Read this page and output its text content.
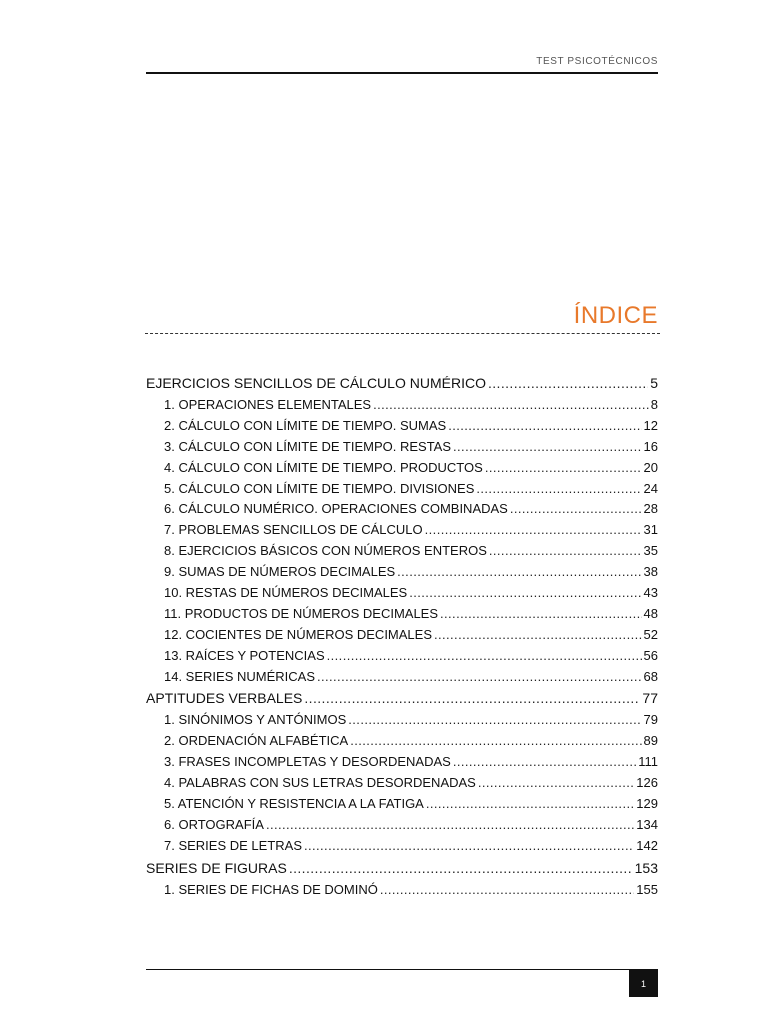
TEST PSICOTÉCNICOS
ÍNDICE
EJERCICIOS SENCILLOS DE CÁLCULO NUMÉRICO .....	5
1. OPERACIONES ELEMENTALES .....	8
2. CÁLCULO CON LÍMITE DE TIEMPO. SUMAS .....	12
3. CÁLCULO CON LÍMITE DE TIEMPO. RESTAS .....	16
4. CÁLCULO CON LÍMITE DE TIEMPO. PRODUCTOS .....	20
5. CÁLCULO CON LÍMITE DE TIEMPO. DIVISIONES .....	24
6. CÁLCULO NUMÉRICO. OPERACIONES COMBINADAS .....	28
7. PROBLEMAS SENCILLOS DE CÁLCULO .....	31
8. EJERCICIOS BÁSICOS CON NÚMEROS ENTEROS .....	35
9. SUMAS DE NÚMEROS DECIMALES .....	38
10. RESTAS DE NÚMEROS DECIMALES .....	43
11. PRODUCTOS DE NÚMEROS DECIMALES .....	48
12. COCIENTES DE NÚMEROS DECIMALES .....	52
13. RAÍCES Y POTENCIAS .....	56
14. SERIES NUMÉRICAS .....	68
APTITUDES VERBALES .....	77
1. SINÓNIMOS Y ANTÓNIMOS .....	79
2. ORDENACIÓN ALFABÉTICA .....	89
3. FRASES INCOMPLETAS Y DESORDENADAS .....	111
4. PALABRAS CON SUS LETRAS DESORDENADAS .....	126
5. ATENCIÓN Y RESISTENCIA A LA FATIGA .....	129
6. ORTOGRAFÍA .....	134
7. SERIES DE LETRAS .....	142
SERIES DE FIGURAS .....	153
1. SERIES DE FICHAS DE DOMINÓ .....	155
1
